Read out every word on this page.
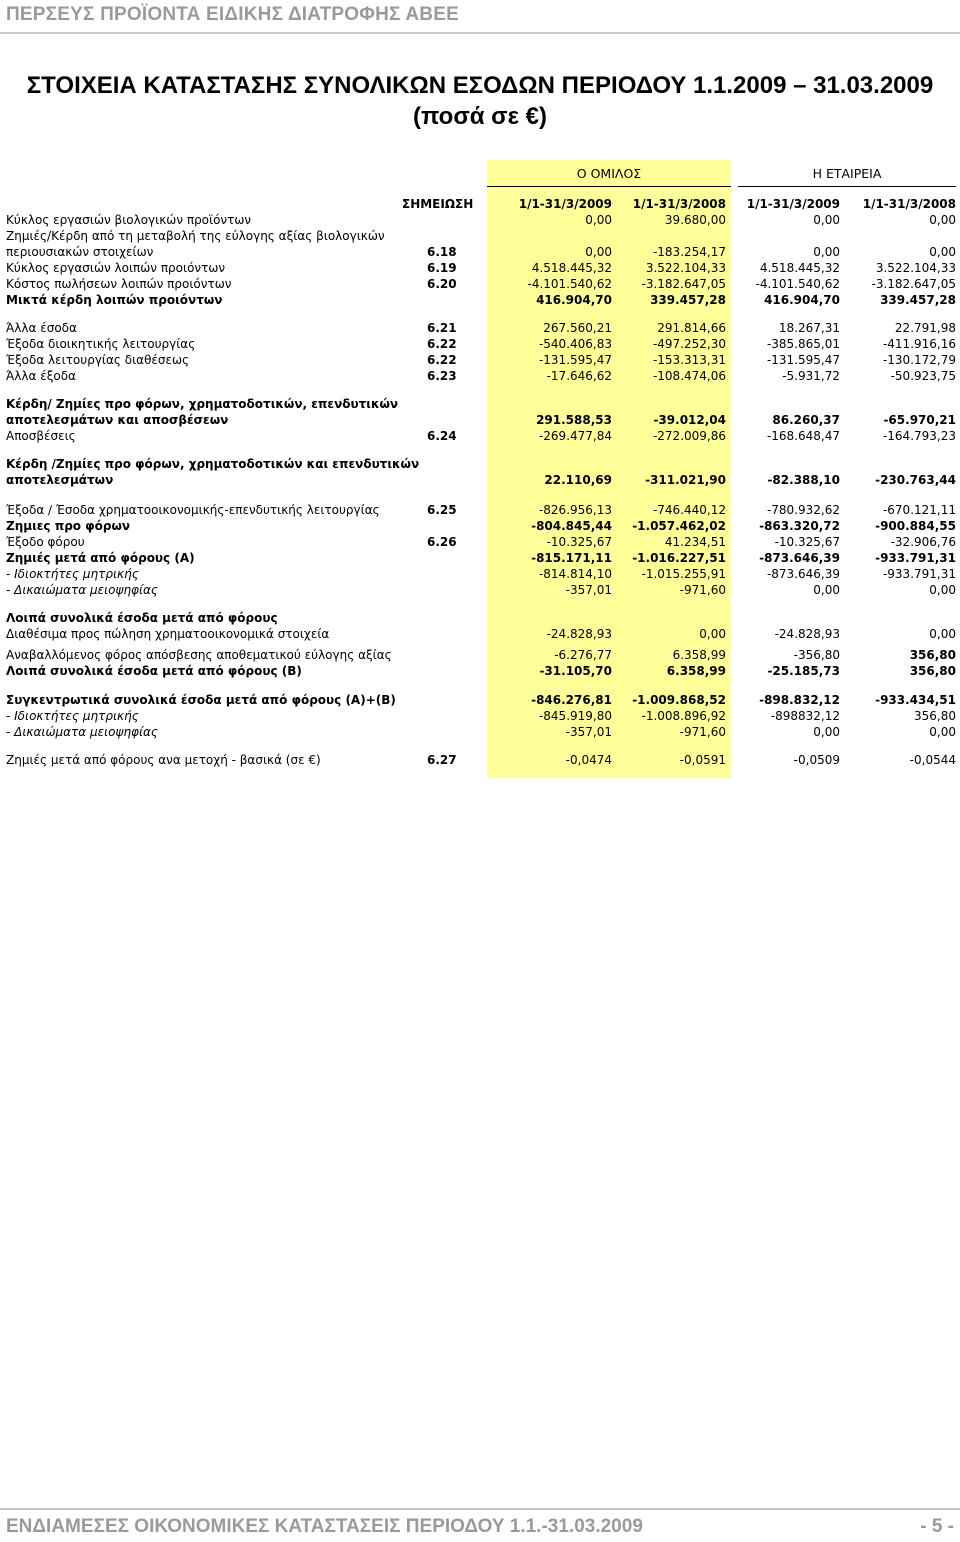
ΠΕΡΣΕΥΣ ΠΡΟΪΟΝΤΑ ΕΙΔΙΚΗΣ ΔΙΑΤΡΟΦΗΣ ΑΒΕΕ
ΣΤΟΙΧΕΙΑ ΚΑΤΑΣΤΑΣΗΣ ΣΥΝΟΛΙΚΩΝ ΕΣΟΔΩΝ ΠΕΡΙΟΔΟΥ 1.1.2009 – 31.03.2009
(ποσά σε €)
Ο ΟΜΙΛΟΣ	Η ΕΤΑΙΡΕΙΑ
ΣΗΜΕΙΩΣΗ	1/1-31/3/2009 1/1-31/3/2008 1/1-31/3/2009 1/1-31/3/2008
Κύκλος εργασιών βιολογικών προϊόντων	0,00	39.680,00	0,00	0,00
Ζημιές/Κέρδη από τη μεταβολή της εύλογης αξίας βιολογικών
περιουσιακών στοιχείων	6.18	0,00	-183.254,17	0,00	0,00
Κύκλος εργασιών λοιπών προιόντων	6.19	4.518.445,32	3.522.104,33	4.518.445,32	3.522.104,33
Κόστος πωλήσεων λοιπών προιόντων	6.20	-4.101.540,62 -3.182.647,05 -4.101.540,62	-3.182.647,05
Μικτά κέρδη λοιπών προιόντων	416.904,70	339.457,28	416.904,70	339.457,28
Άλλα έσοδα	6.21	267.560,21	291.814,66	18.267,31	22.791,98
Έξοδα διοικητικής λειτουργίας	6.22	-540.406,83	-497.252,30	-385.865,01	-411.916,16
Έξοδα λειτουργίας διαθέσεως	6.22	-131.595,47	-153.313,31	-131.595,47	-130.172,79
Άλλα έξοδα	6.23	-17.646,62	-108.474,06	-5.931,72	-50.923,75
Κέρδη/ Ζημίες προ φόρων, χρηματοδοτικών, επενδυτικών
αποτελεσμάτων και αποσβέσεων	291.588,53	-39.012,04	86.260,37	-65.970,21
Αποσβέσεις	6.24	-269.477,84	-272.009,86	-168.648,47	-164.793,23
Κέρδη /Ζημίες προ φόρων, χρηματοδοτικών και επενδυτικών
αποτελεσμάτων	22.110,69	-311.021,90	-82.388,10	-230.763,44
Έξοδα / Έσοδα χρηματοοικονομικής-επενδυτικής λειτουργίας	6.25	-826.956,13	-746.440,12	-780.932,62	-670.121,11
Ζημιες προ φόρων	-804.845,44 -1.057.462,02	-863.320,72	-900.884,55
Έξοδο φόρου	6.26	-10.325,67	41.234,51	-10.325,67	-32.906,76
Ζημιές μετά από φόρους (Α)	-815.171,11 -1.016.227,51	-873.646,39	-933.791,31
- Ιδιοκτήτες μητρικής	-814.814,10 -1.015.255,91	-873.646,39	-933.791,31
- Δικαιώματα μειοψηφίας	-357,01	-971,60	0,00	0,00
Λοιπά συνολικά έσοδα μετά από φόρους
Διαθέσιμα προς πώληση χρηματοοικονομικά στοιχεία	-24.828,93	0,00	-24.828,93	0,00
Αναβαλλόμενος φόρος απόσβεσης αποθεματικού εύλογης αξίας	-6.276,77	6.358,99	-356,80	356,80
Λοιπά συνολικά έσοδα μετά από φόρους (Β)	-31.105,70	6.358,99	-25.185,73	356,80
Συγκεντρωτικά συνολικά έσοδα μετά από φόρους (Α)+(Β)	-846.276,81 -1.009.868,52	-898.832,12	-933.434,51
- Ιδιοκτήτες μητρικής	-845.919,80 -1.008.896,92	-898832,12	356,80
- Δικαιώματα μειοψηφίας	-357,01	-971,60	0,00	0,00
Ζημιές μετά από φόρους ανα μετοχή - βασικά (σε €)	6.27	-0,0474	-0,0591	-0,0509	-0,0544
ΕΝΔΙΑΜΕΣΕΣ ΟΙΚΟΝΟΜΙΚΕΣ ΚΑΤΑΣΤΑΣΕΙΣ ΠΕΡΙΟΔΟΥ 1.1.-31.03.2009	- 5 -
